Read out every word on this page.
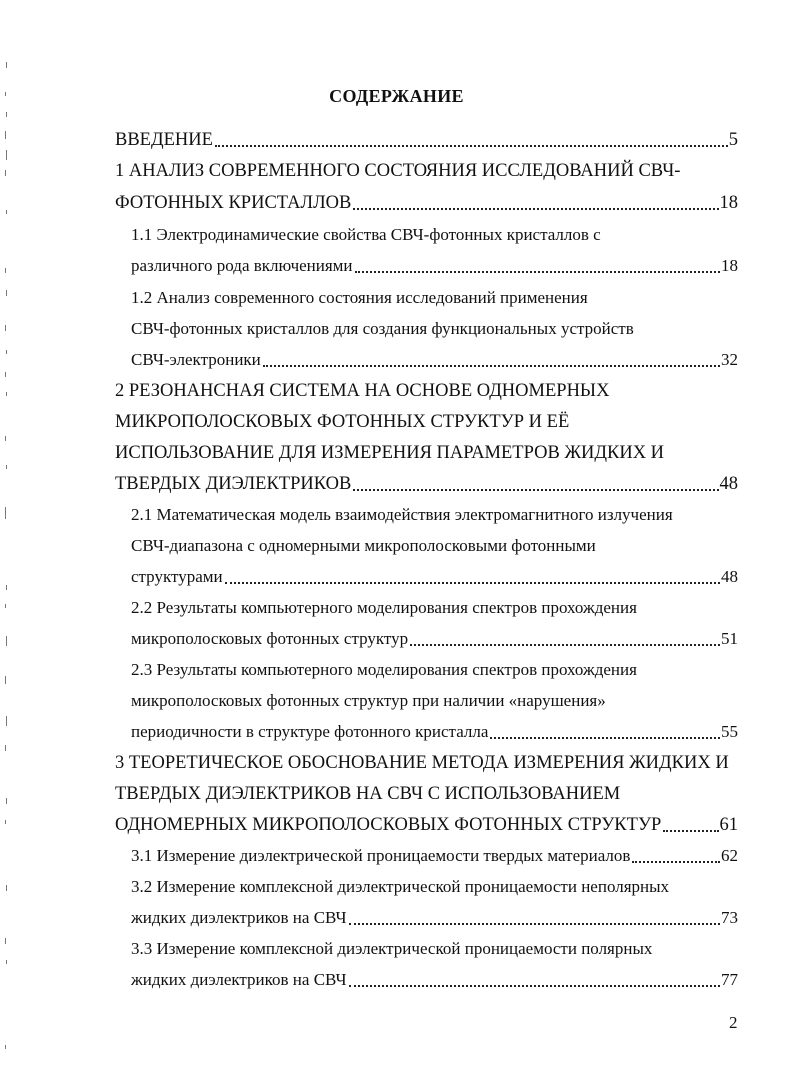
СОДЕРЖАНИЕ
ВВЕДЕНИЕ	5
1 АНАЛИЗ СОВРЕМЕННОГО СОСТОЯНИЯ ИССЛЕДОВАНИЙ СВЧ-
ФОТОННЫХ КРИСТАЛЛОВ	18
1.1 Электродинамические свойства СВЧ-фотонных кристаллов с
различного рода включениями	18
1.2 Анализ современного состояния исследований применения
СВЧ-фотонных кристаллов для создания функциональных устройств
СВЧ-электроники	32
2 РЕЗОНАНСНАЯ СИСТЕМА НА ОСНОВЕ ОДНОМЕРНЫХ
МИКРОПОЛОСКОВЫХ ФОТОННЫХ СТРУКТУР И ЕЁ
ИСПОЛЬЗОВАНИЕ ДЛЯ ИЗМЕРЕНИЯ ПАРАМЕТРОВ ЖИДКИХ И
ТВЕРДЫХ ДИЭЛЕКТРИКОВ	48
2.1 Математическая модель взаимодействия электромагнитного излучения
СВЧ-диапазона с одномерными микрополосковыми фотонными
структурами	48
2.2 Результаты компьютерного моделирования спектров прохождения
микрополосковых фотонных структур	51
2.3 Результаты компьютерного моделирования спектров прохождения
микрополосковых фотонных структур при наличии «нарушения»
периодичности в структуре фотонного кристалла	55
3 ТЕОРЕТИЧЕСКОЕ ОБОСНОВАНИЕ МЕТОДА ИЗМЕРЕНИЯ ЖИДКИХ И
ТВЕРДЫХ ДИЭЛЕКТРИКОВ НА СВЧ С ИСПОЛЬЗОВАНИЕМ
ОДНОМЕРНЫХ МИКРОПОЛОСКОВЫХ ФОТОННЫХ СТРУКТУР	61
3.1 Измерение диэлектрической проницаемости твердых материалов	62
3.2 Измерение комплексной диэлектрической проницаемости неполярных
жидких диэлектриков на СВЧ	73
3.3 Измерение комплексной диэлектрической проницаемости полярных
жидких диэлектриков на СВЧ	77
2
